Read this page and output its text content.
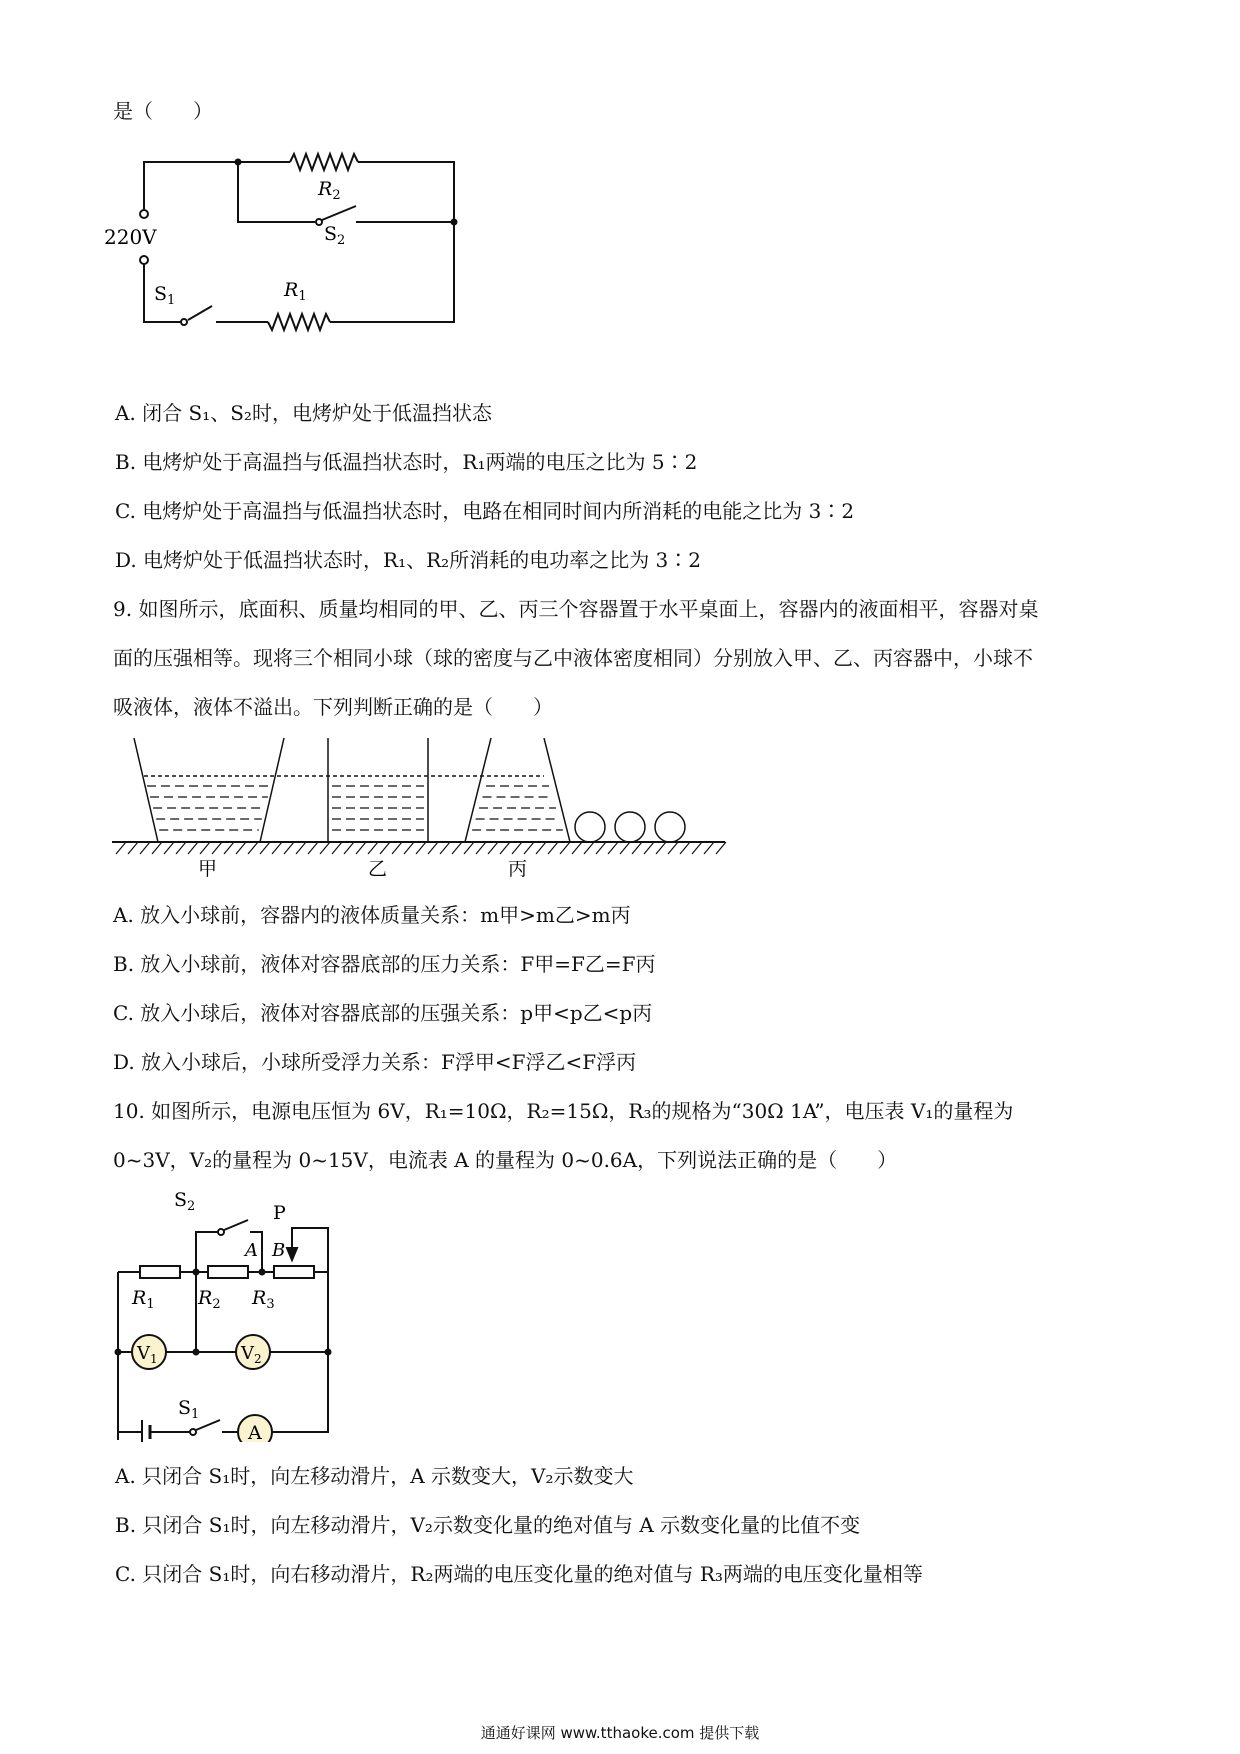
是（　　）
220V
$R_2$
$S_2$
$S_1$	$R_1$
A. 闭合 S₁、S₂时，电烤炉处于低温挡状态
B. 电烤炉处于高温挡与低温挡状态时，R₁两端的电压之比为 5∶2
C. 电烤炉处于高温挡与低温挡状态时，电路在相同时间内所消耗的电能之比为 3∶2
D. 电烤炉处于低温挡状态时，R₁、R₂所消耗的电功率之比为 3∶2
9. 如图所示，底面积、质量均相同的甲、乙、丙三个容器置于水平桌面上，容器内的液面相平，容器对桌
面的压强相等。现将三个相同小球（球的密度与乙中液体密度相同）分别放入甲、乙、丙容器中，小球不
吸液体，液体不溢出。下列判断正确的是（　　）
甲	乙	丙
A. 放入小球前，容器内的液体质量关系：m甲>m乙>m丙
B. 放入小球前，液体对容器底部的压力关系：F甲=F乙=F丙
C. 放入小球后，液体对容器底部的压强关系：p甲<p乙<p丙
D. 放入小球后，小球所受浮力关系：F浮甲<F浮乙<F浮丙
10. 如图所示，电源电压恒为 6V，R₁=10Ω，R₂=15Ω，R₃的规格为“30Ω 1A”，电压表 V₁的量程为
0~3V，V₂的量程为 0~15V，电流表 A 的量程为 0~0.6A，下列说法正确的是（　　）
$S_2$	P
A B
$R_1$ $R_2$ $R_3$
$V_1$	$V_2$
$S_1$
A
A. 只闭合 S₁时，向左移动滑片，A 示数变大，V₂示数变大
B. 只闭合 S₁时，向左移动滑片，V₂示数变化量的绝对值与 A 示数变化量的比值不变
C. 只闭合 S₁时，向右移动滑片，R₂两端的电压变化量的绝对值与 R₃两端的电压变化量相等
通通好课网 www.tthaoke.com 提供下载
